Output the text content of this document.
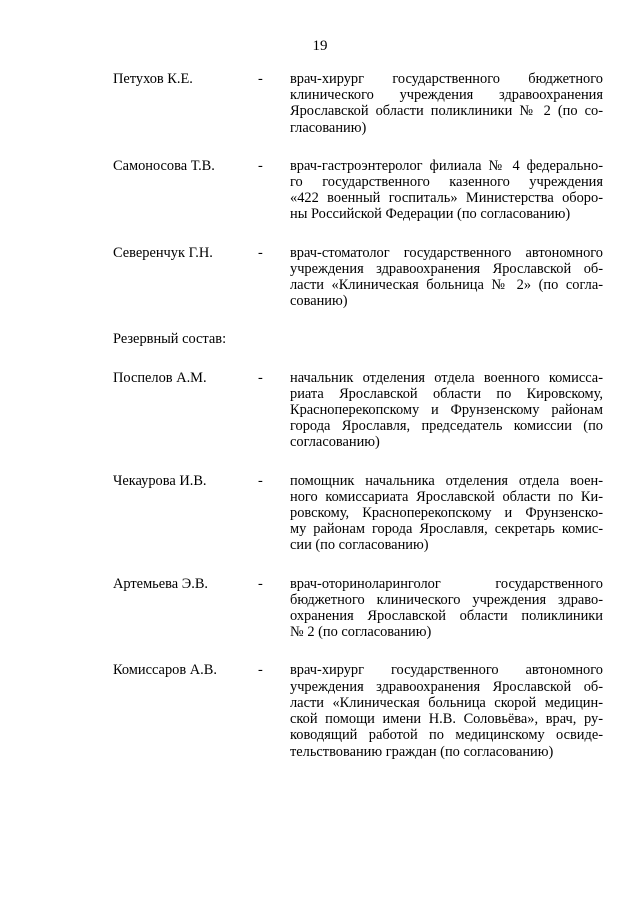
19
Петухов К.Е.	-	врач-хирург государственного бюджетного
клинического учреждения здравоохранения
Ярославской области поликлиники № 2 (по со-
гласованию)
Самоносова Т.В.	-	врач-гастроэнтеролог филиала № 4 федерально-
го государственного казенного учреждения
«422 военный госпиталь» Министерства оборо-
ны Российской Федерации (по согласованию)
Северенчук Г.Н.	-	врач-стоматолог государственного автономного
учреждения здравоохранения Ярославской об-
ласти «Клиническая больница № 2» (по согла-
сованию)
Резервный состав:
Поспелов А.М.	-	начальник отделения отдела военного комисса-
риата Ярославской области по Кировскому,
Красноперекопскому и Фрунзенскому районам
города Ярославля, председатель комиссии (по
согласованию)
Чекаурова И.В.	-	помощник начальника отделения отдела воен-
ного комиссариата Ярославской области по Ки-
ровскому, Красноперекопскому и Фрунзенско-
му районам города Ярославля, секретарь комис-
сии (по согласованию)
Артемьева Э.В.	-	врач-оториноларинголог государственного
бюджетного клинического учреждения здраво-
охранения Ярославской области поликлиники
№ 2 (по согласованию)
Комиссаров А.В.	-	врач-хирург государственного автономного
учреждения здравоохранения Ярославской об-
ласти «Клиническая больница скорой медицин-
ской помощи имени Н.В. Соловьёва», врач, ру-
ководящий работой по медицинскому освиде-
тельствованию граждан (по согласованию)
